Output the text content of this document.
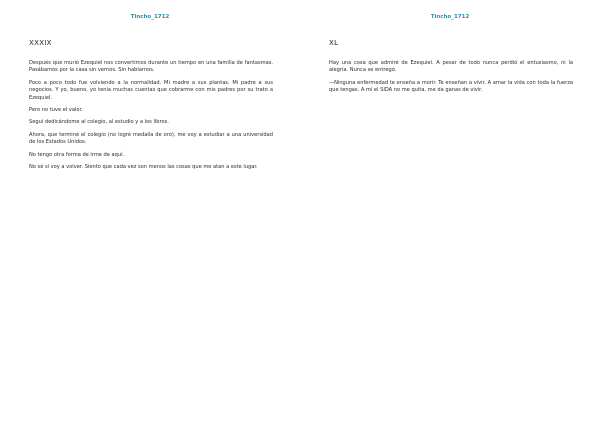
Tincho_1712
XXXIX

Después que murió Ezequiel nos convertimos durante un tiempo en una familia de fantasmas. Pasábamos por la casa sin vernos. Sin hablarnos.

Poco a poco todo fue volviendo a la normalidad. Mi madre a sus plantas. Mi padre a sus negocios. Y yo, bueno, yo tenía muchas cuentas que cobrarme con mis padres por su trato a Ezequiel.

Pero no tuve el valor.

Seguí dedicándome al colegio, al estudio y a los libros.

Ahora, que terminé el colegio (no logré medalla de oro), me voy a estudiar a una universidad de los Estados Unidos.

No tengo otra forma de irme de aquí.

No sé si voy a volver. Siento que cada vez son menos las cosas que me atan a este lugar.

Tincho_1712
XL

Hay una cosa que admiré de Ezequiel. A pesar de todo nunca perdió el entusiasmo, ni la alegría. Nunca se entregó.

—Ninguna enfermedad te enseña a morir. Te enseñan a vivir. A amar la vida con toda la fuerza que tengas. A mí el SIDA no me quita, me da ganas de vivir.
